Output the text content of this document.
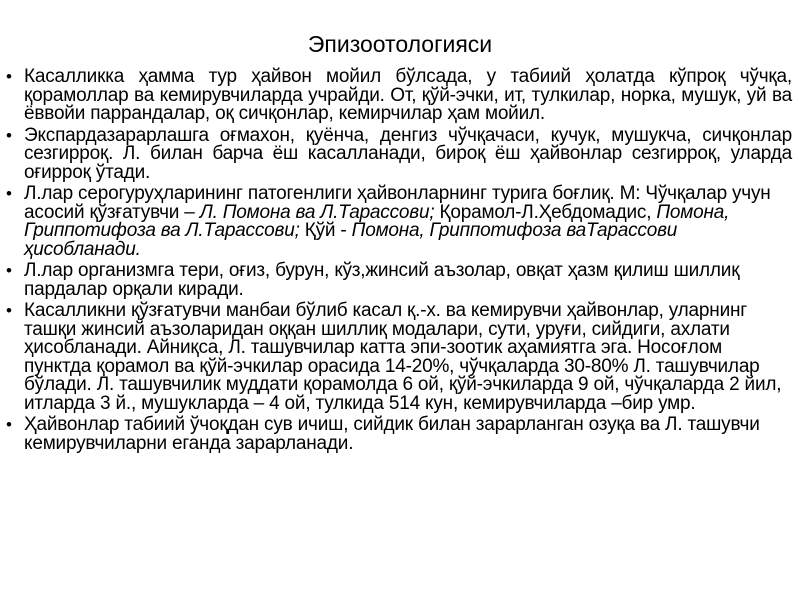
Эпизоотологияси
• Касалликка ҳамма тур ҳайвон мойил бўлсада, у табиий ҳолатда кўпроқ чўчқа, қорамоллар ва кемирувчиларда учрайди. От, қўй-эчки, ит, тулкилар, норка, мушук, уй ва ёввойи паррандалар, оқ сичқонлар, кемирчилар ҳам мойил.
• Экспардазарарлашга оғмахон, қуёнча, денгиз чўчқачаси, кучук, мушукча, сичқонлар сезгирроқ. Л. билан барча ёш касалланади, бироқ ёш ҳайвонлар сезгирроқ, уларда оғирроқ ўтади.
• Л.лар серогуруҳларининг патогенлиги ҳайвонларнинг турига боғлиқ. М: Чўчқалар учун асосий қўзғатувчи – Л. Помона ва Л.Тарассови; Қорамол-Л.Ҳебдомадис, Помона, Гриппотифоза ва Л.Тарассови; Қўй - Помона, Гриппотифоза ваТарассови ҳисобланади.
• Л.лар организмга тери, оғиз, бурун, кўз,жинсий аъзолар, овқат ҳазм қилиш шиллиқ пардалар орқали киради.
• Касалликни қўзғатувчи манбаи бўлиб касал қ.-х. ва кемирувчи ҳайвонлар, уларнинг ташқи жинсий аъзоларидан оққан шиллиқ модалари, сути, уруғи, сийдиги, ахлати ҳисобланади. Айниқса, Л. ташувчилар катта эпи-зоотик аҳамиятга эга. Носоғлом пунктда қорамол ва қўй-эчкилар орасида 14-20%, чўчқаларда 30-80% Л. ташувчилар бўлади. Л. ташувчилик муддати қорамолда 6 ой, қўй-эчкиларда 9 ой, чўчқаларда 2 йил, итларда 3 й., мушукларда – 4 ой, тулкида 514 кун, кемирувчиларда –бир умр.
• Ҳайвонлар табиий ўчоқдан сув ичиш, сийдик билан зарарланган озуқа ва Л. ташувчи кемирувчиларни еганда зарарланади.
